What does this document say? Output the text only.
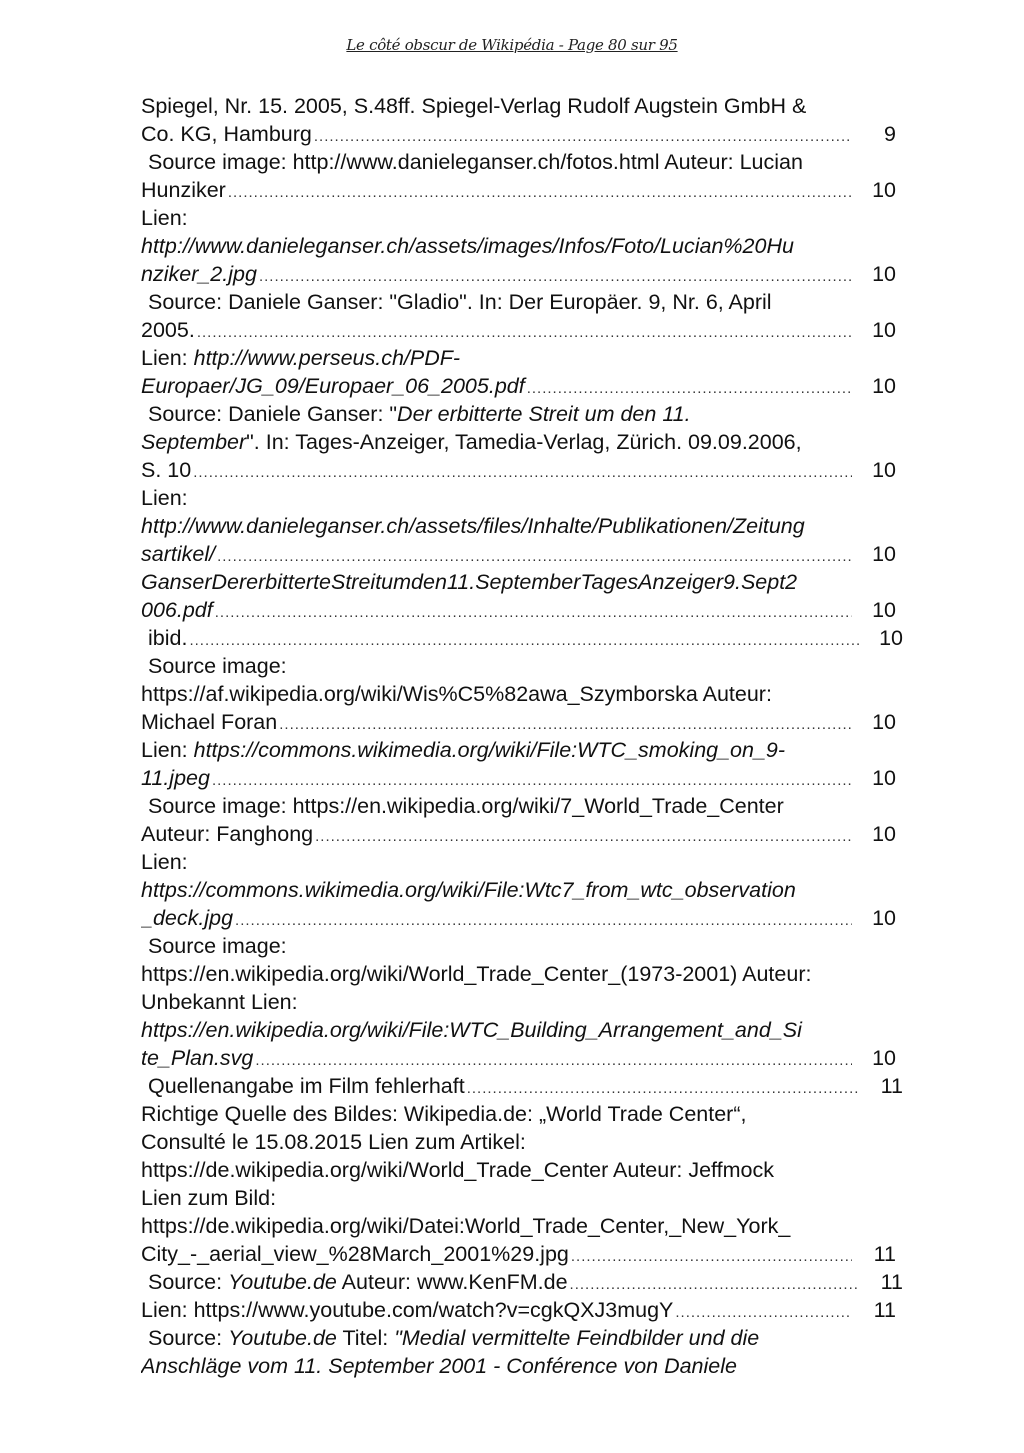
Le côté obscur de Wikipédia - Page 80 sur 95
Spiegel, Nr. 15. 2005, S.48ff. Spiegel-Verlag Rudolf Augstein GmbH &
Co. KG, Hamburg .....	9
Source image: http://www.danieleganser.ch/fotos.html Auteur: Lucian
Hunziker .....	10
Lien:
http://www.danieleganser.ch/assets/images/Infos/Foto/Lucian%20Hu
nziker_2.jpg .....	10
Source: Daniele Ganser: "Gladio". In: Der Europäer. 9, Nr. 6, April
2005. .....	10
Lien: http://www.perseus.ch/PDF-
Europaer/JG_09/Europaer_06_2005.pdf .....	10
Source: Daniele Ganser: "Der erbitterte Streit um den 11.
September". In: Tages-Anzeiger, Tamedia-Verlag, Zürich. 09.09.2006,
S. 10 .....	10
Lien:
http://www.danieleganser.ch/assets/files/Inhalte/Publikationen/Zeitung
sartikel/ .....	10
GanserDererbitterteStreitumden11.SeptemberTagesAnzeiger9.Sept2
006.pdf .....	10
ibid. .....	10
Source image:
https://af.wikipedia.org/wiki/Wis%C5%82awa_Szymborska Auteur:
Michael Foran .....	10
Lien: https://commons.wikimedia.org/wiki/File:WTC_smoking_on_9-
11.jpeg .....	10
Source image: https://en.wikipedia.org/wiki/7_World_Trade_Center
Auteur: Fanghong .....	10
Lien:
https://commons.wikimedia.org/wiki/File:Wtc7_from_wtc_observation
_deck.jpg .....	10
Source image:
https://en.wikipedia.org/wiki/World_Trade_Center_(1973-2001) Auteur:
Unbekannt Lien:
https://en.wikipedia.org/wiki/File:WTC_Building_Arrangement_and_Si
te_Plan.svg .....	10
Quellenangabe im Film fehlerhaft .....	11
Richtige Quelle des Bildes: Wikipedia.de: „World Trade Center“,
Consulté le 15.08.2015 Lien zum Artikel:
https://de.wikipedia.org/wiki/World_Trade_Center Auteur: Jeffmock
Lien zum Bild:
https://de.wikipedia.org/wiki/Datei:World_Trade_Center,_New_York_
City_-_aerial_view_%28March_2001%29.jpg .....	11
Source: Youtube.de Auteur: www.KenFM.de .....	11
Lien: https://www.youtube.com/watch?v=cgkQXJ3mugY .....	11
Source: Youtube.de Titel: "Medial vermittelte Feindbilder und die
Anschläge vom 11. September 2001 - Conférence von Daniele
